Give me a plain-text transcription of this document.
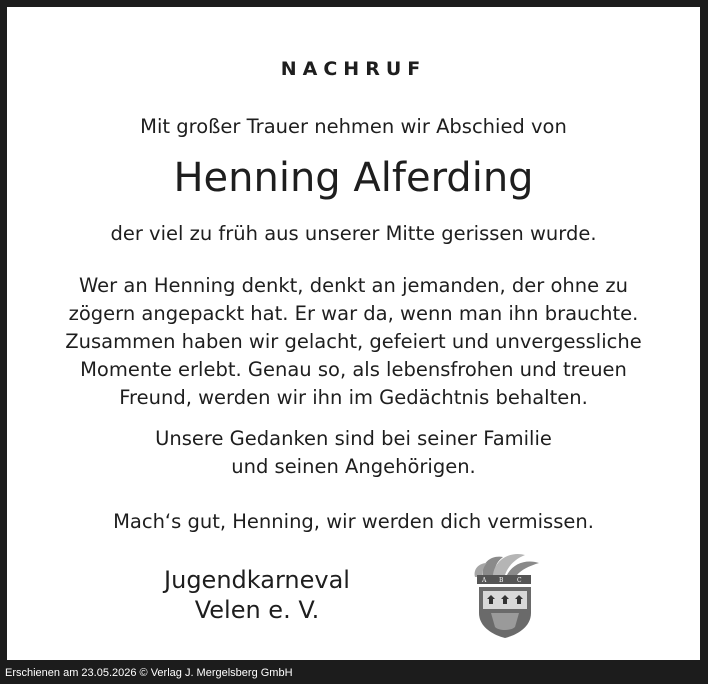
NACHRUF
Mit großer Trauer nehmen wir Abschied von
Henning Alferding
der viel zu früh aus unserer Mitte gerissen wurde.
Wer an Henning denkt, denkt an jemanden, der ohne zu
zögern angepackt hat. Er war da, wenn man ihn brauchte.
Zusammen haben wir gelacht, gefeiert und unvergessliche
Momente erlebt. Genau so, als lebensfrohen und treuen
Freund, werden wir ihn im Gedächtnis behalten.
Unsere Gedanken sind bei seiner Familie
und seinen Angehörigen.
Mach‘s gut, Henning, wir werden dich vermissen.
Jugendkarneval
Velen e. V.
A B C
Erschienen am 23.05.2026 © Verlag J. Mergelsberg GmbH
